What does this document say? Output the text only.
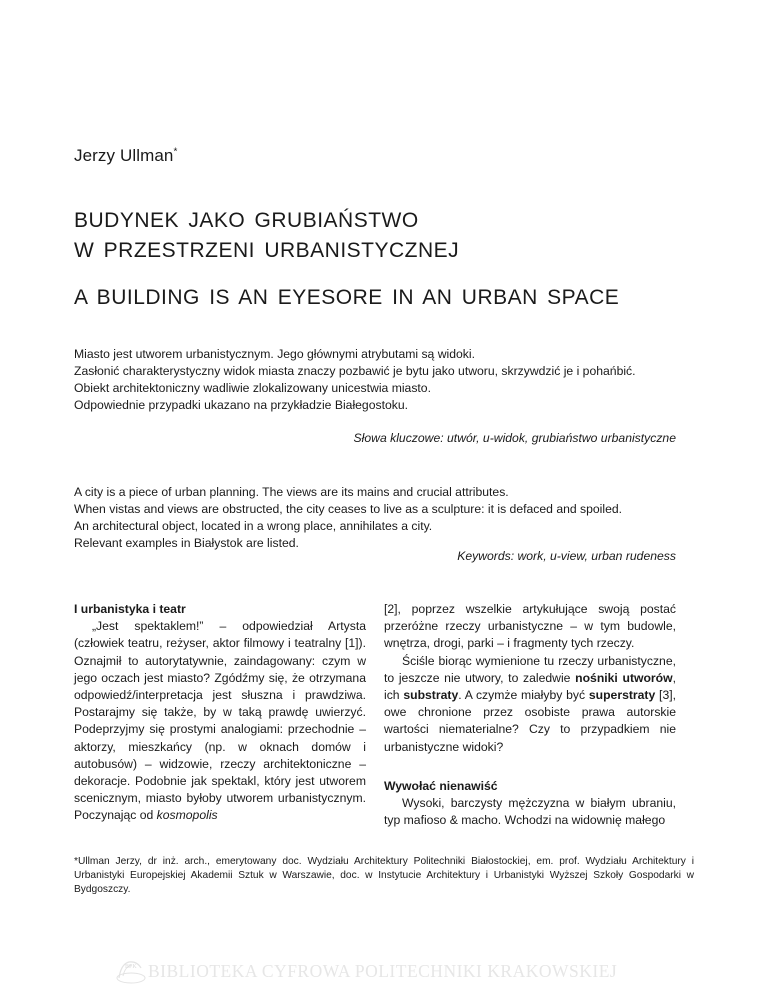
Jerzy Ullman*
BUDYNEK JAKO GRUBIAŃSTWO
W PRZESTRZENI URBANISTYCZNEJ
A BUILDING IS AN EYESORE IN AN URBAN SPACE
Miasto jest utworem urbanistycznym. Jego głównymi atrybutami są widoki.
Zasłonić charakterystyczny widok miasta znaczy pozbawić je bytu jako utworu, skrzywdzić je i pohańbić.
Obiekt architektoniczny wadliwie zlokalizowany unicestwia miasto.
Odpowiednie przypadki ukazano na przykładzie Białegostoku.
Słowa kluczowe: utwór, u-widok, grubiaństwo urbanistyczne
A city is a piece of urban planning. The views are its mains and crucial attributes.
When vistas and views are obstructed, the city ceases to live as a sculpture: it is defaced and spoiled.
An architectural object, located in a wrong place, annihilates a city.
Relevant examples in Białystok are listed.
Keywords: work, u-view, urban rudeness
I urbanistyka i teatr

„Jest spektaklem!” – odpowiedział Artysta (człowiek teatru, reżyser, aktor filmowy i teatralny [1]). Oznajmił to autorytatywnie, zaindagowany: czym w jego oczach jest miasto? Zgódźmy się, że otrzymana odpowiedź/interpretacja jest słuszna i prawdziwa. Postarajmy się także, by w taką prawdę uwierzyć. Podeprzyjmy się prostymi analogiami: przechodnie – aktorzy, mieszkańcy (np. w oknach domów i autobusów) – widzowie, rzeczy architektoniczne – dekoracje. Podobnie jak spektakl, który jest utworem scenicznym, miasto byłoby utworem urbanistycznym. Poczynając od kosmopolis

[2], poprzez wszelkie artykułujące swoją postać przeróżne rzeczy urbanistyczne – w tym budowle, wnętrza, drogi, parki – i fragmenty tych rzeczy.

Ściśle biorąc wymienione tu rzeczy urbanistyczne, to jeszcze nie utwory, to zaledwie nośniki utworów, ich substraty. A czymże miałyby być superstraty [3], owe chronione przez osobiste prawa autorskie wartości niematerialne? Czy to przypadkiem nie urbanistyczne widoki?

Wywołać nienawiść

Wysoki, barczysty mężczyzna w białym ubraniu, typ mafioso & macho. Wchodzi na widownię małego

*Ullman Jerzy, dr inż. arch., emerytowany doc. Wydziału Architektury Politechniki Białostockiej, em. prof. Wydziału Architektury i Urbanistyki Europejskiej Akademii Sztuk w Warszawie, doc. w Instytucie Architektury i Urbanistyki Wyższej Szkoły Gospodarki w Bydgoszczy.
BPK BIBLIOTEKA CYFROWA POLITECHNIKI KRAKOWSKIEJ
